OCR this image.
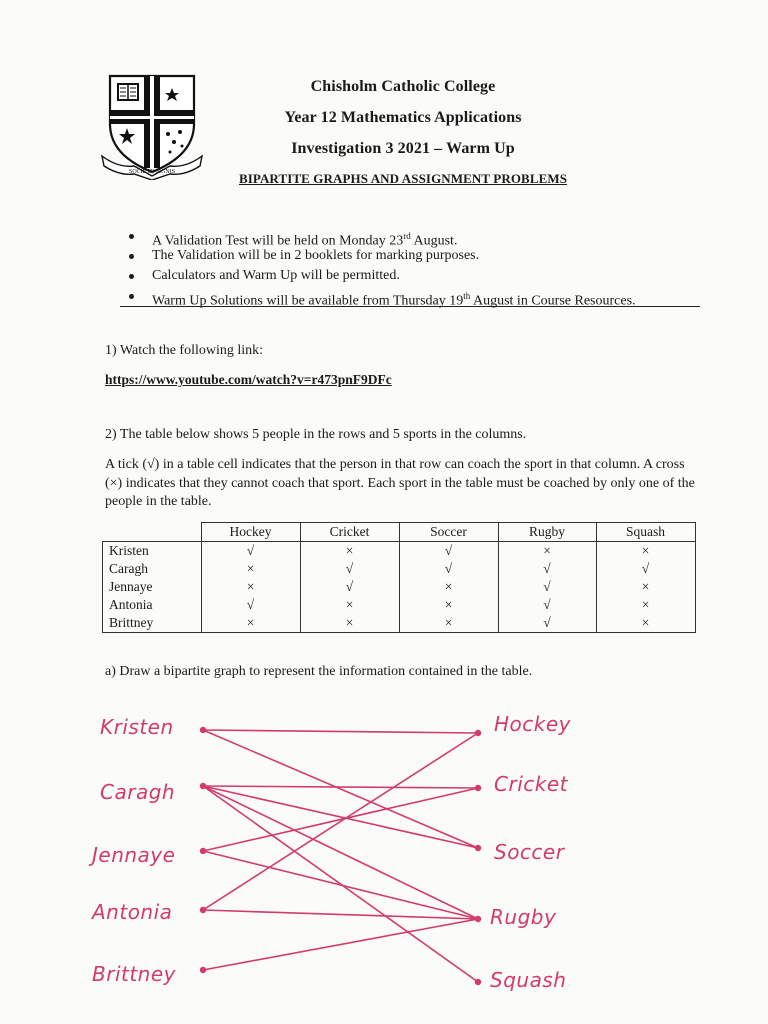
SOCIE IN SIGNIS
Chisholm Catholic College
Year 12 Mathematics Applications
Investigation 3 2021 – Warm Up
BIPARTITE GRAPHS AND ASSIGNMENT PROBLEMS
A Validation Test will be held on Monday 23rd August.
The Validation will be in 2 booklets for marking purposes.
Calculators and Warm Up will be permitted.
Warm Up Solutions will be available from Thursday 19th August in Course Resources.
1) Watch the following link:
https://www.youtube.com/watch?v=r473pnF9DFc
2) The table below shows 5 people in the rows and 5 sports in the columns.
A tick (√) in a table cell indicates that the person in that row can coach the sport in that column. A cross (×) indicates that they cannot coach that sport. Each sport in the table must be coached by only one of the people in the table.
	Hockey	Cricket	Soccer	Rugby	Squash
Kristen	√	×	√	×	×
Caragh	×	√	√	√	√
Jennaye	×	√	×	√	×
Antonia	√	×	×	√	×
Brittney	×	×	×	√	×
a) Draw a bipartite graph to represent the information contained in the table.
Kristen
Caragh
Jennaye
Antonia
Brittney
Hockey
Cricket
Soccer
Rugby
Squash
